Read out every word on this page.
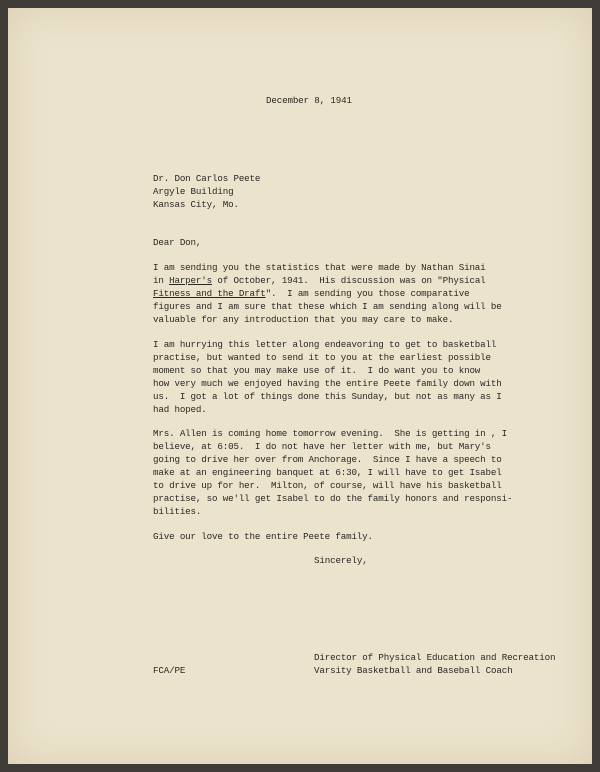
December 8, 1941

Dr. Don Carlos Peete

Argyle Building

Kansas City, Mo.

Dear Don,

I am sending you the statistics that were made by Nathan Sinai

in Harper's of October, 1941.  His discussion was on "Physical

Fitness and the Draft".  I am sending you those comparative

figures and I am sure that these which I am sending along will be

valuable for any introduction that you may care to make.

I am hurrying this letter along endeavoring to get to basketball

practise, but wanted to send it to you at the earliest possible

moment so that you may make use of it.  I do want you to know

how very much we enjoyed having the entire Peete family down with

us.  I got a lot of things done this Sunday, but not as many as I

had hoped.

Mrs. Allen is coming home tomorrow evening.  She is getting in , I

believe, at 6:05.  I do not have her letter with me, but Mary's

going to drive her over from Anchorage.  Since I have a speech to

make at an engineering banquet at 6:30, I will have to get Isabel

to drive up for her.  Milton, of course, will have his basketball

practise, so we'll get Isabel to do the family honors and responsi-

bilities.

Give our love to the entire Peete family.

Sincerely,

Director of Physical Education and Recreation

Varsity Basketball and Baseball Coach

FCA/PE
